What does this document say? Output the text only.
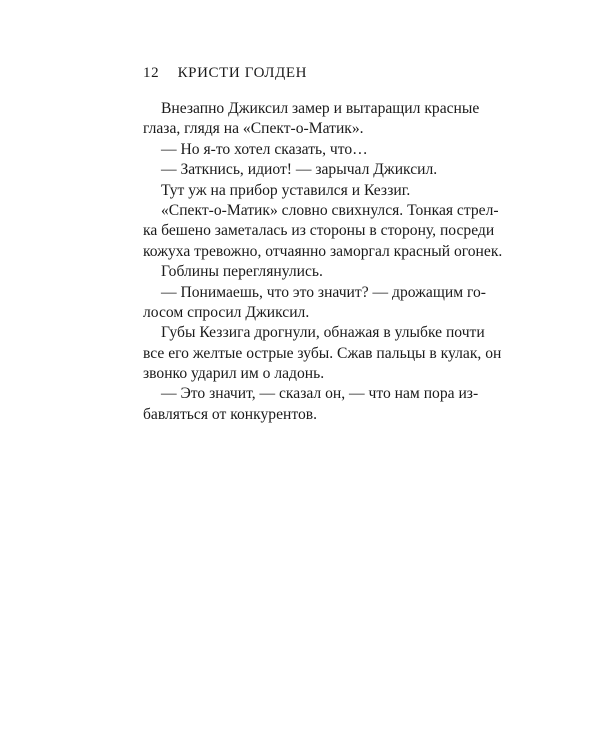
12 КРИСТИ ГОЛДЕН
Внезапно Джиксил замер и вытаращил красные
глаза, глядя на «Спект-о-Матик».
— Но я-то хотел сказать, что…
— Заткнись, идиот! — зарычал Джиксил.
Тут уж на прибор уставился и Кеззиг.
«Спект-о-Матик» словно свихнулся. Тонкая стрел-
ка бешено заметалась из стороны в сторону, посреди
кожуха тревожно, отчаянно заморгал красный огонек.
Гоблины переглянулись.
— Понимаешь, что это значит? — дрожащим го-
лосом спросил Джиксил.
Губы Кеззига дрогнули, обнажая в улыбке почти
все его желтые острые зубы. Сжав пальцы в кулак, он
звонко ударил им о ладонь.
— Это значит, — сказал он, — что нам пора из-
бавляться от конкурентов.
